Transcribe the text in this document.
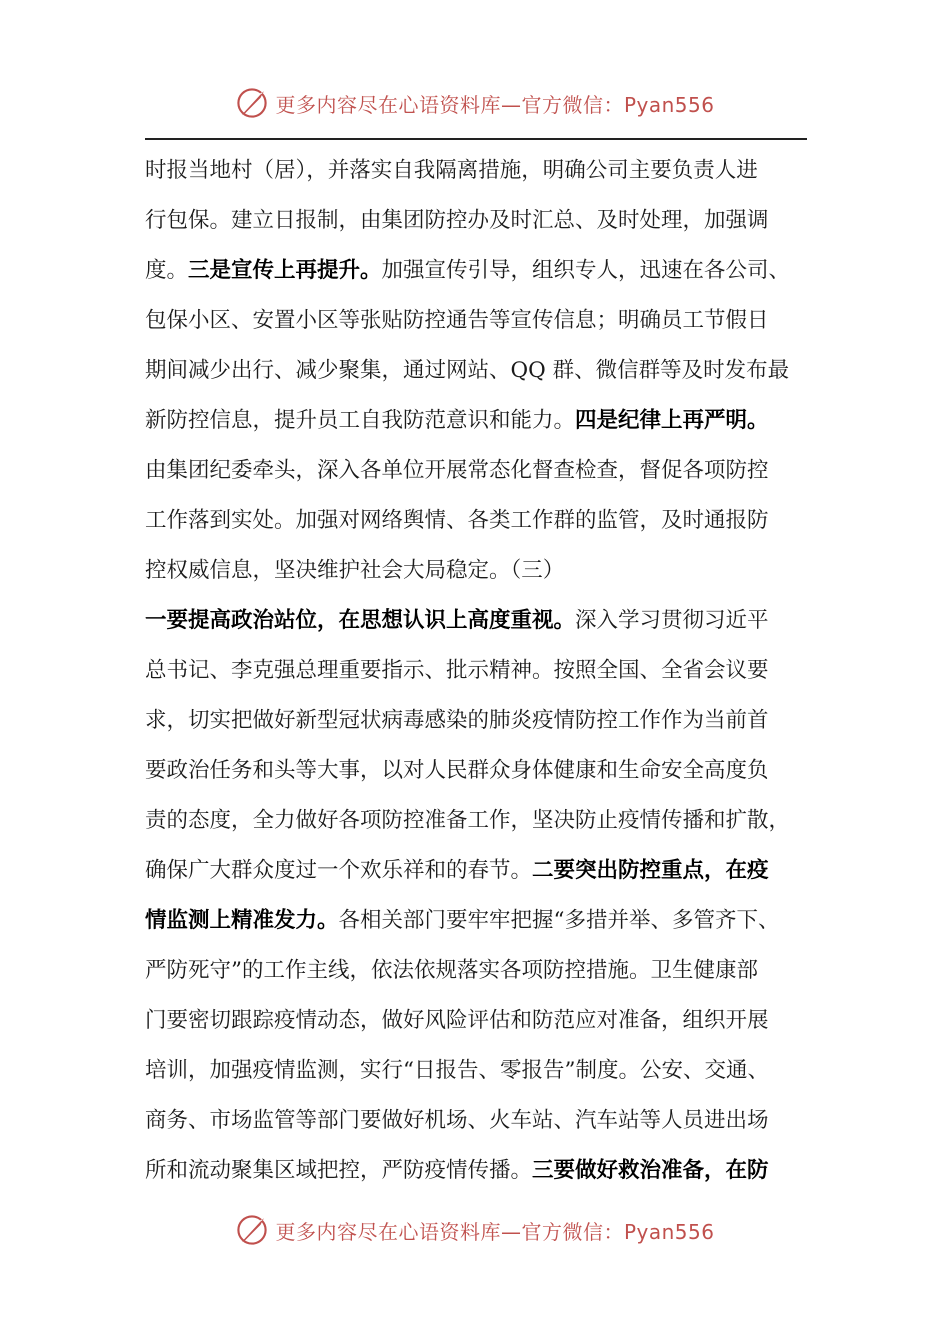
更多内容尽在心语资料库—官方微信：Pyan556
时报当地村（居），并落实自我隔离措施，明确公司主要负责人进
行包保。建立日报制，由集团防控办及时汇总、及时处理，加强调
度。三是宣传上再提升。加强宣传引导，组织专人，迅速在各公司、
包保小区、安置小区等张贴防控通告等宣传信息；明确员工节假日
期间减少出行、减少聚集，通过网站、QQ 群、微信群等及时发布最
新防控信息，提升员工自我防范意识和能力。四是纪律上再严明。
由集团纪委牵头，深入各单位开展常态化督查检查，督促各项防控
工作落到实处。加强对网络舆情、各类工作群的监管，及时通报防
控权威信息，坚决维护社会大局稳定。（三）
一要提高政治站位，在思想认识上高度重视。深入学习贯彻习近平
总书记、李克强总理重要指示、批示精神。按照全国、全省会议要
求，切实把做好新型冠状病毒感染的肺炎疫情防控工作作为当前首
要政治任务和头等大事，以对人民群众身体健康和生命安全高度负
责的态度，全力做好各项防控准备工作，坚决防止疫情传播和扩散，
确保广大群众度过一个欢乐祥和的春节。二要突出防控重点，在疫
情监测上精准发力。各相关部门要牢牢把握“多措并举、多管齐下、
严防死守”的工作主线，依法依规落实各项防控措施。卫生健康部
门要密切跟踪疫情动态，做好风险评估和防范应对准备，组织开展
培训，加强疫情监测，实行“日报告、零报告”制度。公安、交通、
商务、市场监管等部门要做好机场、火车站、汽车站等人员进出场
所和流动聚集区域把控，严防疫情传播。三要做好救治准备，在防
更多内容尽在心语资料库—官方微信：Pyan556
